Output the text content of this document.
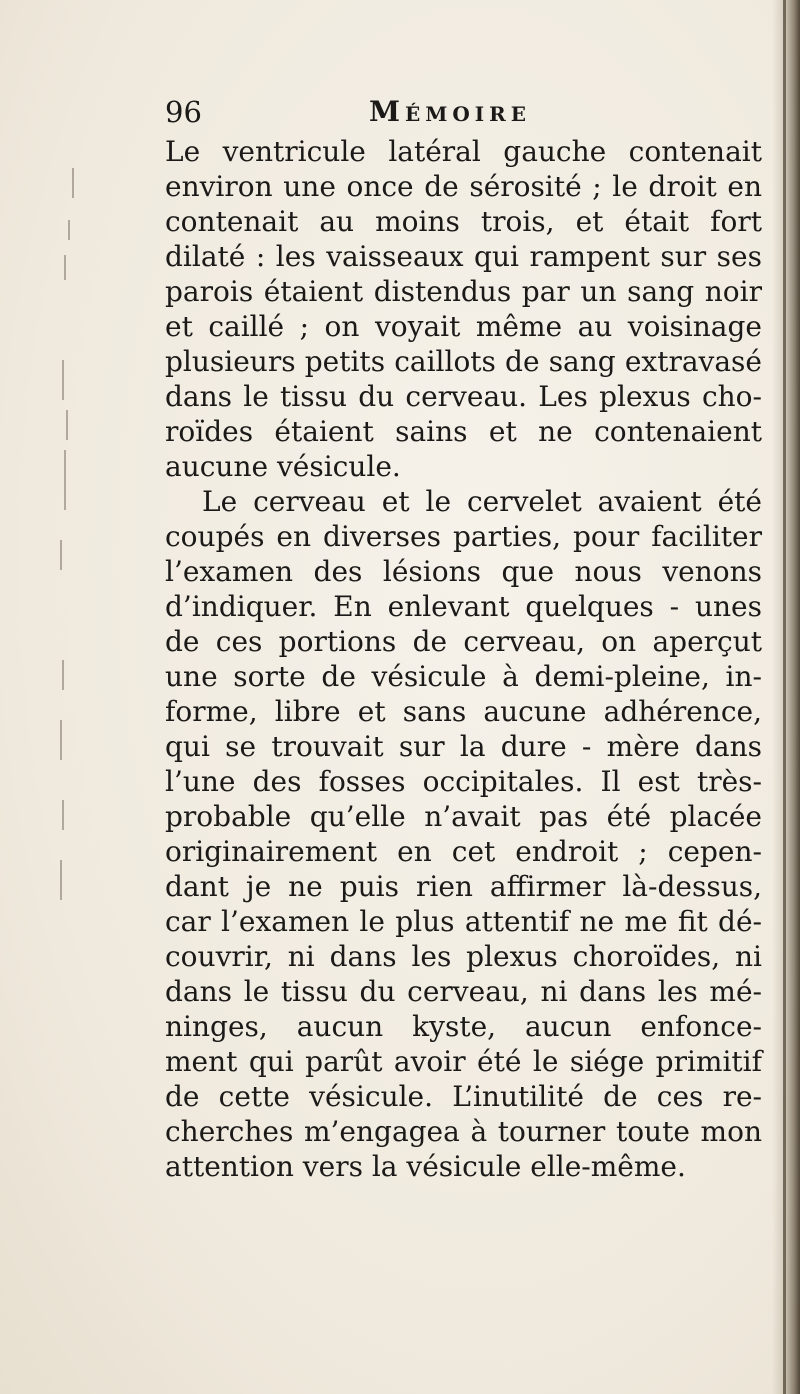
96	Mémoire
Le ventricule latéral gauche contenait
environ une once de sérosité ; le droit en
contenait au moins trois, et était fort
dilaté : les vaisseaux qui rampent sur ses
parois étaient distendus par un sang noir
et caillé ; on voyait même au voisinage
plusieurs petits caillots de sang extravasé
dans le tissu du cerveau. Les plexus cho-
roïdes étaient sains et ne contenaient
aucune vésicule.
Le cerveau et le cervelet avaient été
coupés en diverses parties, pour faciliter
l’examen des lésions que nous venons
d’indiquer. En enlevant quelques - unes
de ces portions de cerveau, on aperçut
une sorte de vésicule à demi-pleine, in-
forme, libre et sans aucune adhérence,
qui se trouvait sur la dure - mère dans
l’une des fosses occipitales. Il est très-
probable qu’elle n’avait pas été placée
originairement en cet endroit ; cepen-
dant je ne puis rien affirmer là-dessus,
car l’examen le plus attentif ne me fit dé-
couvrir, ni dans les plexus choroïdes, ni
dans le tissu du cerveau, ni dans les mé-
ninges, aucun kyste, aucun enfonce-
ment qui parût avoir été le siége primitif
de cette vésicule. L’inutilité de ces re-
cherches m’engagea à tourner toute mon
attention vers la vésicule elle-même.
